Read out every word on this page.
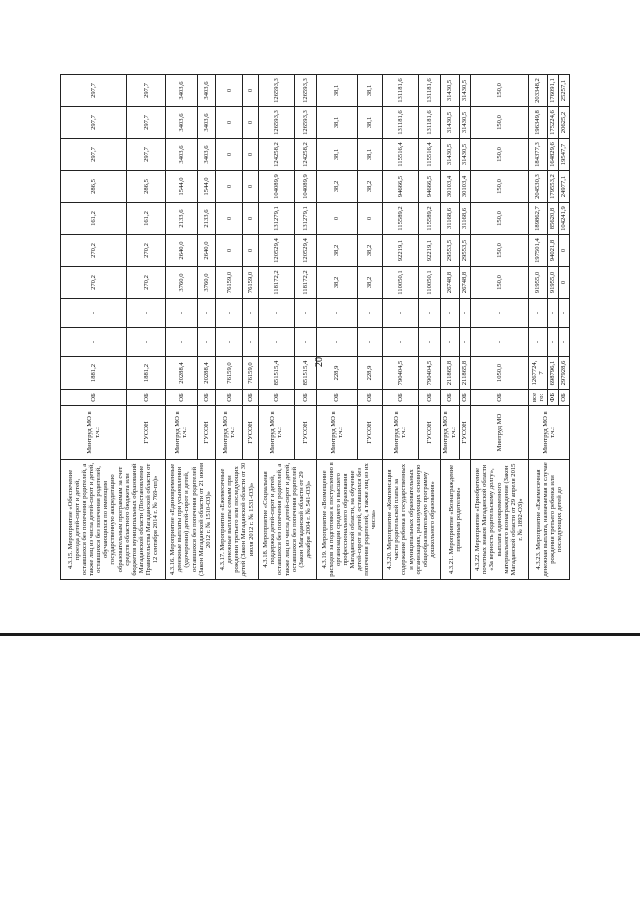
20
4.3.15. Мероприятие «Обеспечение проезда детей-сирот и детей, оставшихся без попечения родителей, а также лиц из числа детей-сирот и детей, оставшихся без попечения родителей, обучающихся по имеющим государственную аккредитацию образовательным программам за счет средств областного бюджета или бюджетов муниципальных образований Магаданской области (Постановление Правительства Магаданской области от 12 сентября 2014 г. № 769-пп)»	Минтруд МО в т.ч.:	ОБ	1881,2	-	-	270,2	270,2	161,2	286,5	297,7	297,7	297,7
	ГУСОН	ОБ	1881,2	-	-	270,2	270,2	161,2	286,5	297,7	297,7	297,7
4.3.16. Мероприятие «Единовременные денежные выплаты при усыновлении (удочерении) детей-сирот и детей, оставшихся без попечения родителей (Закон Магаданской области от 21 июня 2012 г. № 1510-ОЗ)»	Минтруд МО в т.ч.:	ОБ	20288,4	-	-	3760,0	2640,0	2133,6	1544,0	3403,6	3403,6	3403,6
	ГУСОН	ОБ	20288,4	-	-	3760,0	2640,0	2133,6	1544,0	3403,6	3403,6	3403,6
4.3.17. Мероприятие «Ежемесячные денежные выплаты семьям при рождении третьего или последующих детей (Закон Магаданской области от 30 июля 2012 г. № 1531-ОЗ)»	Минтруд МО в т.ч.:	ОБ	76159,0	-	-	76159,0	0	0	0	0	0	0
	ГУСОН	ОБ	76159,0	-	-	76159,0	0	0	0	0	0	0
4.3.18. Мероприятие «Социальная поддержка детей-сирот и детей, оставшихся без попечения родителей, а также лиц из числа детей-сирот и детей, оставшихся без попечения родителей (Закон Магаданской области от 29 декабря 2004 г. № 541-ОЗ)»	Минтруд МО в т.ч.:	ОБ	851515,4	-	-	118172,2	120529,4	131279,1	104089,9	124258,2	126593,3	126593,3
	ГУСОН	ОБ	851515,4	-	-	118172,2	120529,4	131279,1	104089,9	124258,2	126593,3	126593,3
4.3.19. Мероприятие «Возмещение расходов за подготовки к поступлению в организации среднего и высшего профессионального образования Магаданской области, на обучение детей-сирот и детей, оставшихся без попечения родителей, а также лиц из их числа»	Минтруд МО в т.ч.:	ОБ	228,9	-	-	38,2	38,2	0	38,2	38,1	38,1	38,1
	ГУСОН	ОБ	228,9	-	-	38,2	38,2	0	38,2	38,1	38,1	38,1
4.3.20. Мероприятие «Компенсация части родительской платы за содержание ребенка в государственных и муниципальных образовательных организациях, реализующих основную общеобразовательную программу дошкольного образования»	Минтруд МО в т.ч.:	ОБ	790404,5	-	-	110050,1	92219,1	115589,2	94666,5	115516,4	131181,6	131181,6
	ГУСОН	ОБ	790404,5	-	-	110050,1	92219,1	115589,2	94666,5	115516,4	131181,6	131181,6
4.3.21. Мероприятие «Вознаграждение приемным родителям»	Минтруд МО в т.ч.:	ОБ	211865,8	-	-	26748,8	29553,5	31168,6	30103,4	31430,5	31430,5	31430,5
	ГУСОН	ОБ	211865,8	-	-	26748,8	29553,5	31168,6	30103,4	31430,5	31430,5	31430,5
4.3.22. Мероприятие «Приобретение почетных знаков Магаданской области «За верность родительскому долгу», выплата единовременного материального вознаграждения (Закон Магаданской области от 29 апреля 2015 г. № 1892-ОЗ)»	Минтруд МО	ОБ	1050,0	-	-	150,0	150,0	150,0	150,0	150,0	150,0	150,0
4.3.23. Мероприятие «Ежемесячная денежная выплата, назначаемая в случае рождения третьего ребенка или последующих детей до	Минтруд МО в т.ч.:	всего:	1267724,7	-	-	91955,0	197501,4	189862,7	204530,3	184377,3	196349,8	203348,2
		ФБ	698796,1	-	-	91955,0	94021,8	85620,8	179553,2	164829,6	175224,6	176091,1
		ОБ	297928,6	-	-	0	0	104241,9	24977,1	19547,7	20625,2	25257,1
